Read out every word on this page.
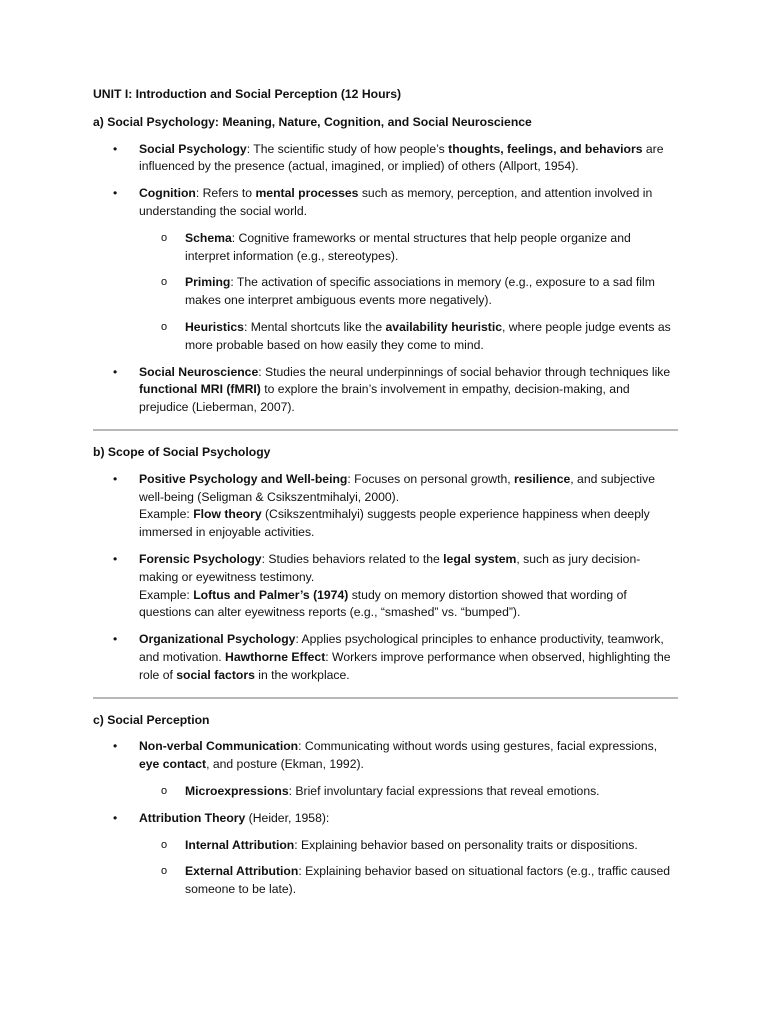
UNIT I: Introduction and Social Perception (12 Hours)
a) Social Psychology: Meaning, Nature, Cognition, and Social Neuroscience
• Social Psychology: The scientific study of how people’s thoughts, feelings, and behaviors are influenced by the presence (actual, imagined, or implied) of others (Allport, 1954).
• Cognition: Refers to mental processes such as memory, perception, and attention involved in understanding the social world.
o Schema: Cognitive frameworks or mental structures that help people organize and interpret information (e.g., stereotypes).
o Priming: The activation of specific associations in memory (e.g., exposure to a sad film makes one interpret ambiguous events more negatively).
o Heuristics: Mental shortcuts like the availability heuristic, where people judge events as more probable based on how easily they come to mind.
• Social Neuroscience: Studies the neural underpinnings of social behavior through techniques like functional MRI (fMRI) to explore the brain’s involvement in empathy, decision-making, and prejudice (Lieberman, 2007).
b) Scope of Social Psychology
• Positive Psychology and Well-being: Focuses on personal growth, resilience, and subjective well-being (Seligman & Csikszentmihalyi, 2000).
Example: Flow theory (Csikszentmihalyi) suggests people experience happiness when deeply immersed in enjoyable activities.
• Forensic Psychology: Studies behaviors related to the legal system, such as jury decision-making or eyewitness testimony.
Example: Loftus and Palmer’s (1974) study on memory distortion showed that wording of questions can alter eyewitness reports (e.g., “smashed” vs. “bumped”).
• Organizational Psychology: Applies psychological principles to enhance productivity, teamwork, and motivation. Hawthorne Effect: Workers improve performance when observed, highlighting the role of social factors in the workplace.
c) Social Perception
• Non-verbal Communication: Communicating without words using gestures, facial expressions, eye contact, and posture (Ekman, 1992).
o Microexpressions: Brief involuntary facial expressions that reveal emotions.
• Attribution Theory (Heider, 1958):
o Internal Attribution: Explaining behavior based on personality traits or dispositions.
o External Attribution: Explaining behavior based on situational factors (e.g., traffic caused someone to be late).
